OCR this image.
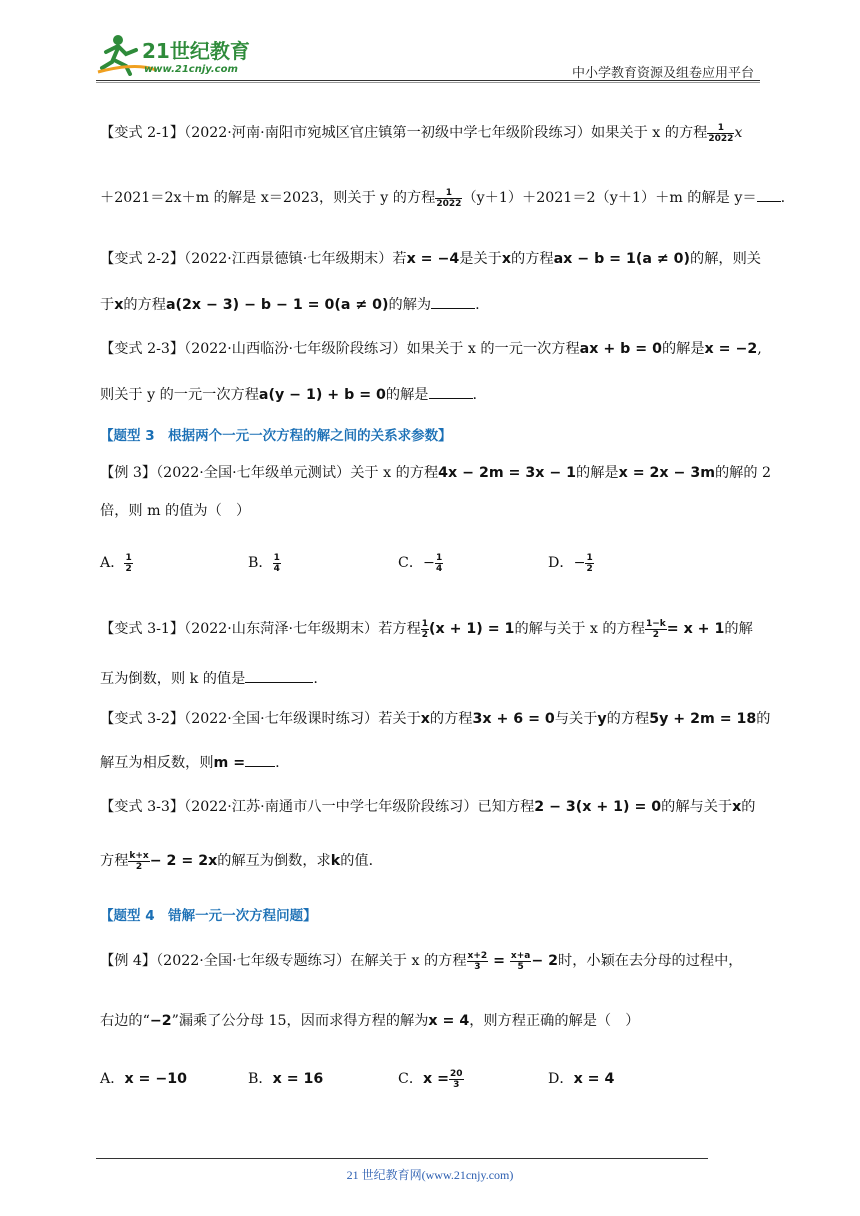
21世纪教育
www.21cnjy.com	中小学教育资源及组卷应用平台
【变式 2-1】（2022·河南·南阳市宛城区官庄镇第一初级中学七年级阶段练习）如果关于 x 的方程 $\frac{1}{2022}$ x
＋2021＝2x＋m 的解是 x＝2023，则关于 y 的方程 $\frac{1}{2022} (y+1)+2021=2(y+1)+m$ 的解是 y＝ .
【变式 2-2】（2022·江西景德镇·七年级期末）若x = −4是关于x的方程ax − b = 1(a ≠ 0)的解，则关
于x的方程a(2x − 3) − b − 1 = 0(a ≠ 0)的解为	.
【变式 2-3】（2022·山西临汾·七年级阶段练习）如果关于 x 的一元一次方程ax + b = 0的解是x = −2,
则关于 y 的一元一次方程a(y − 1) + b = 0的解是	.
【题型 3　根据两个一元一次方程的解之间的关系求参数】
【例 3】（2022·全国·七年级单元测试）关于 x 的方程4x − 2m = 3x − 1的解是x = 2x − 3m的解的 2
倍，则 m 的值为（　）
A． $\frac{1}{2}$	B． $\frac{1}{4}$	C．− $\frac{1}{4}$	D．− $\frac{1}{2}$
【变式 3-1】（2022·山东菏泽·七年级期末）若方程 $\frac{1}{2} (x + 1) = 1$的解与关于 x 的方程 $\frac{1-k}{2} = x + 1$的解
互为倒数，则 k 的值是	.
【变式 3-2】（2022·全国·七年级课时练习）若关于x的方程3x + 6 = 0与关于y的方程5y + 2m = 18的
解互为相反数，则m = .
【变式 3-3】（2022·江苏·南通市八一中学七年级阶段练习）已知方程2 − 3(x + 1) = 0的解与关于x的
方程 $\frac{k+x}{2} - 2 = 2x$的解互为倒数，求k的值．
【题型 4　错解一元一次方程问题】
【例 4】（2022·全国·七年级专题练习）在解关于 x 的方程 $\frac{x+2}{3} = \frac{x+a}{5} - 2$时，小颖在去分母的过程中，
右边的“−2”漏乘了公分母 15，因而求得方程的解为x = 4，则方程正确的解是（　）
A．x = −10	B．x = 16	C．$x = \frac{20}{3}$	D．x = 4
21 世纪教育网(www.21cnjy.com)
